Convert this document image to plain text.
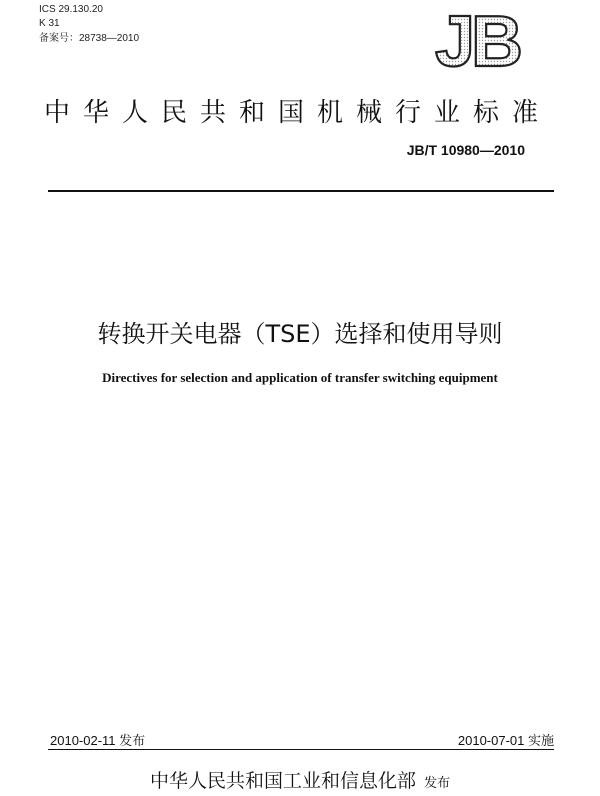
ICS 29.130.20
K 31
备案号：28738—2010	JB
中华人民共和国机械行业标准
JB/T 10980—2010
转换开关电器（TSE）选择和使用导则
Directives for selection and application of transfer switching equipment
2010-02-11 发布	2010-07-01 实施
中华人民共和国工业和信息化部 发布
